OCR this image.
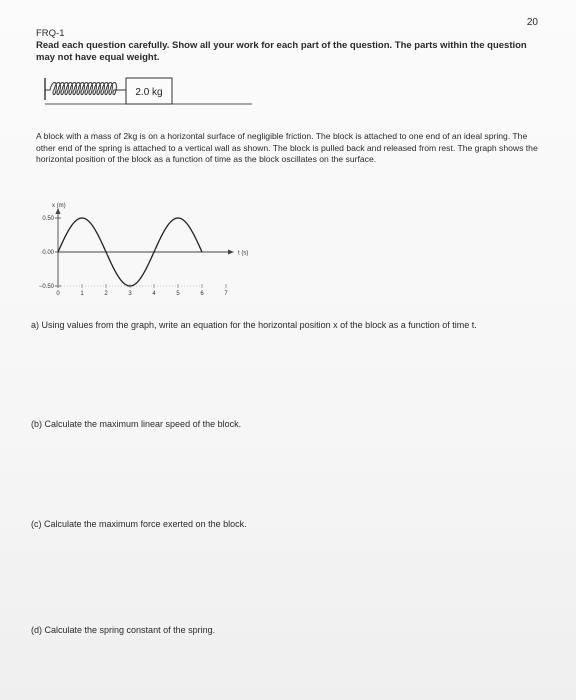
20
FRQ-1
Read each question carefully. Show all your work for each part of the question. The parts within the question may not have equal weight.
2.0 kg
A block with a mass of 2kg is on a horizontal surface of negligible friction. The block is attached to one end of an ideal spring. The other end of the spring is attached to a vertical wall as shown. The block is pulled back and released from rest. The graph shows the horizontal position of the block as a function of time as the block oscillates on the surface.
x (m)
t (s)
0.50
0.00
−0.50
0	1	2	3	4	5	6	7
a) Using values from the graph, write an equation for the horizontal position x of the block as a function of time t.
(b) Calculate the maximum linear speed of the block.
(c) Calculate the maximum force exerted on the block.
(d) Calculate the spring constant of the spring.
